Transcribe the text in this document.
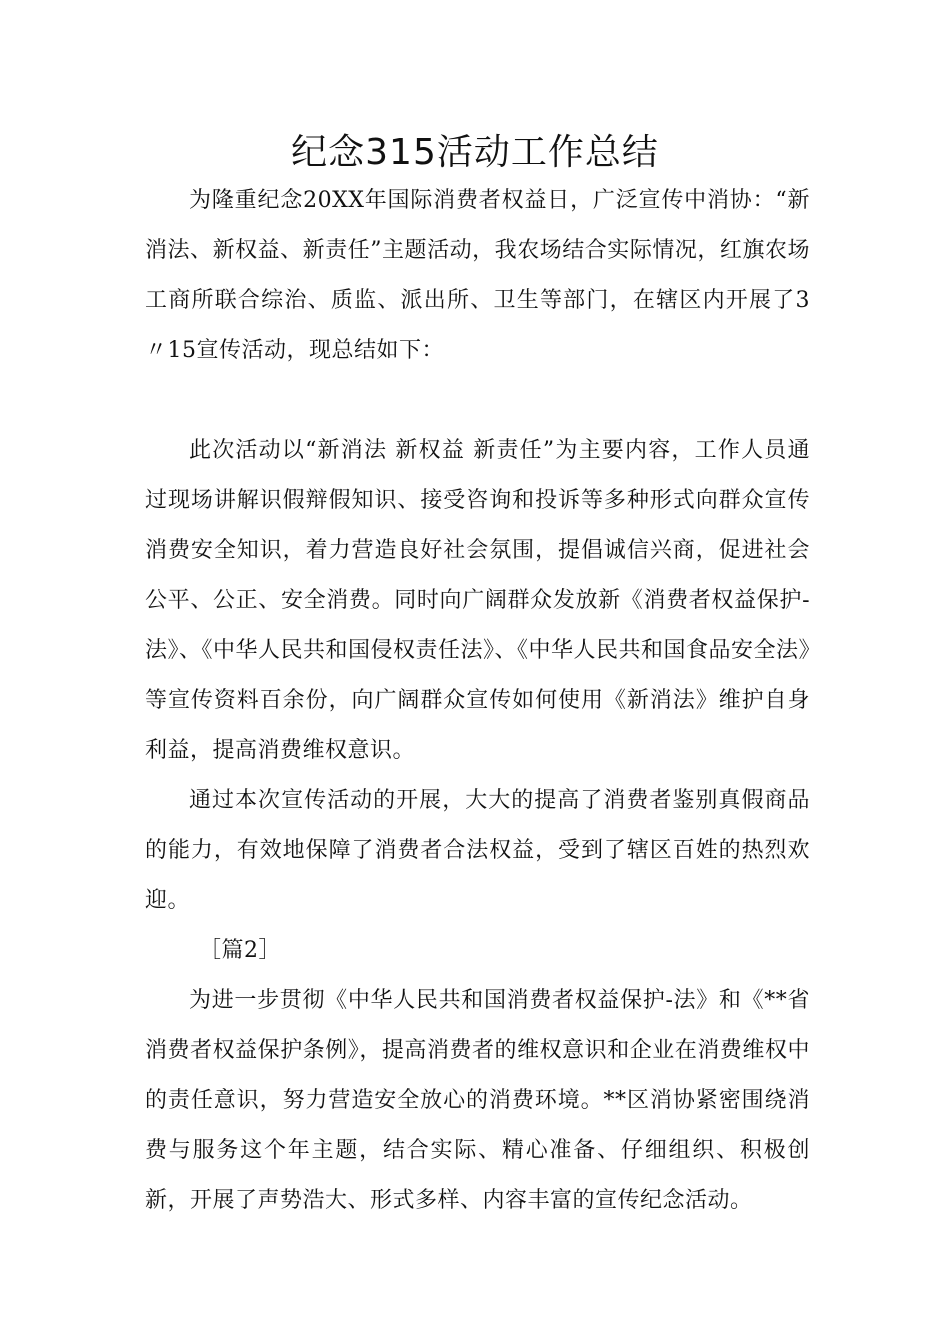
纪念315活动工作总结

为隆重纪念20XX年国际消费者权益日，广泛宣传中消协：“新消法、新权益、新责任”主题活动，我农场结合实际情况，红旗农场工商所联合综治、质监、派出所、卫生等部门，在辖区内开展了3〃15宣传活动，现总结如下：

此次活动以“新消法 新权益 新责任”为主要内容，工作人员通过现场讲解识假辩假知识、接受咨询和投诉等多种形式向群众宣传消费安全知识，着力营造良好社会氛围，提倡诚信兴商，促进社会公平、公正、安全消费。同时向广阔群众发放新《消费者权益保护-法》、《中华人民共和国侵权责任法》、《中华人民共和国食品安全法》等宣传资料百余份，向广阔群众宣传如何使用《新消法》维护自身利益，提高消费维权意识。

通过本次宣传活动的开展，大大的提高了消费者鉴别真假商品的能力，有效地保障了消费者合法权益，受到了辖区百姓的热烈欢迎。

［篇2］

为进一步贯彻《中华人民共和国消费者权益保护-法》和《**省消费者权益保护条例》，提高消费者的维权意识和企业在消费维权中的责任意识，努力营造安全放心的消费环境。**区消协紧密围绕消费与服务这个年主题，结合实际、精心准备、仔细组织、积极创新，开展了声势浩大、形式多样、内容丰富的宣传纪念活动。
